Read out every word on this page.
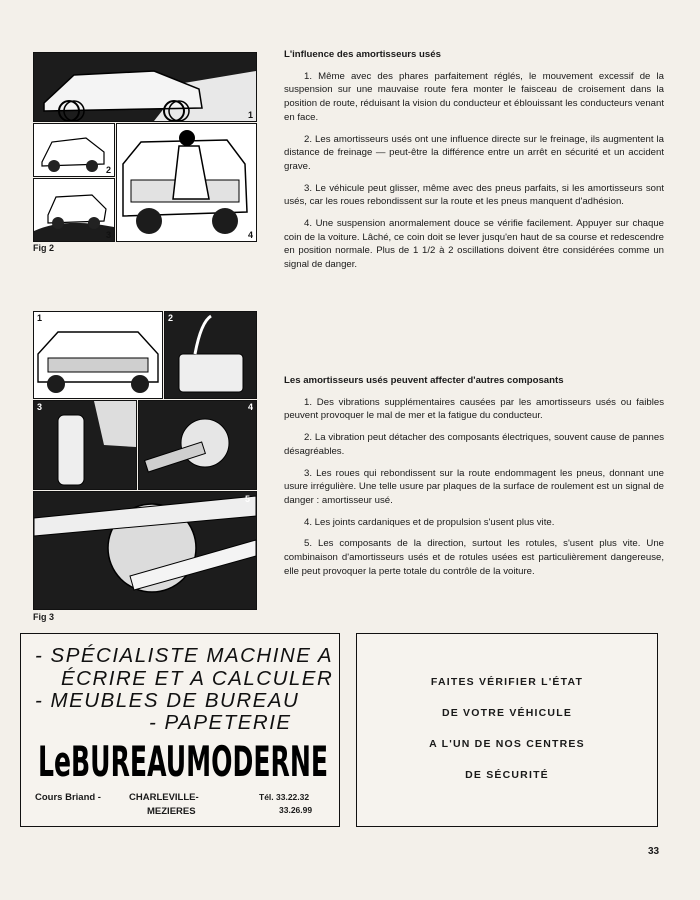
1
2
3	4
Fig 2
1	2
3	4
5
Fig 3
L'influence des amortisseurs usés

1. Même avec des phares parfaitement réglés, le mouvement excessif de la suspension sur une mauvaise route fera monter le faisceau de croisement dans la position de route, réduisant la vision du conducteur et éblouissant les conducteurs venant en face.

2. Les amortisseurs usés ont une influence directe sur le freinage, ils augmentent la distance de freinage — peut-être la différence entre un arrêt en sécurité et un accident grave.

3. Le véhicule peut glisser, même avec des pneus parfaits, si les amortisseurs sont usés, car les roues rebondissent sur la route et les pneus manquent d'adhésion.

4. Une suspension anormalement douce se vérifie facilement. Appuyer sur chaque coin de la voiture. Lâché, ce coin doit se lever jusqu'en haut de sa course et redescendre en position normale. Plus de 1 1/2 à 2 oscillations doivent être considérées comme un signal de danger.

Les amortisseurs usés peuvent affecter d'autres composants

1. Des vibrations supplémentaires causées par les amortisseurs usés ou faibles peuvent provoquer le mal de mer et la fatigue du conducteur.

2. La vibration peut détacher des composants électriques, souvent cause de pannes désagréables.

3. Les roues qui rebondissent sur la route endommagent les pneus, donnant une usure irrégulière. Une telle usure par plaques de la surface de roulement est un signal de danger : amortisseur usé.

4. Les joints cardaniques et de propulsion s'usent plus vite.

5. Les composants de la direction, surtout les rotules, s'usent plus vite. Une combinaison d'amortisseurs usés et de rotules usées est particulièrement dangereuse, elle peut provoquer la perte totale du contrôle de la voiture.

- SPÉCIALISTE MACHINE A
ÉCRIRE ET A CALCULER
- MEUBLES DE BUREAU
- PAPETERIE
LeBUREAUMODERNE
Cours Briand -	CHARLEVILLE-
MEZIERES
Tél. 33.22.32
33.26.99
FAITES VÉRIFIER L'ÉTAT
DE VOTRE VÉHICULE
A L'UN DE NOS CENTRES
DE SÉCURITÉ
33
